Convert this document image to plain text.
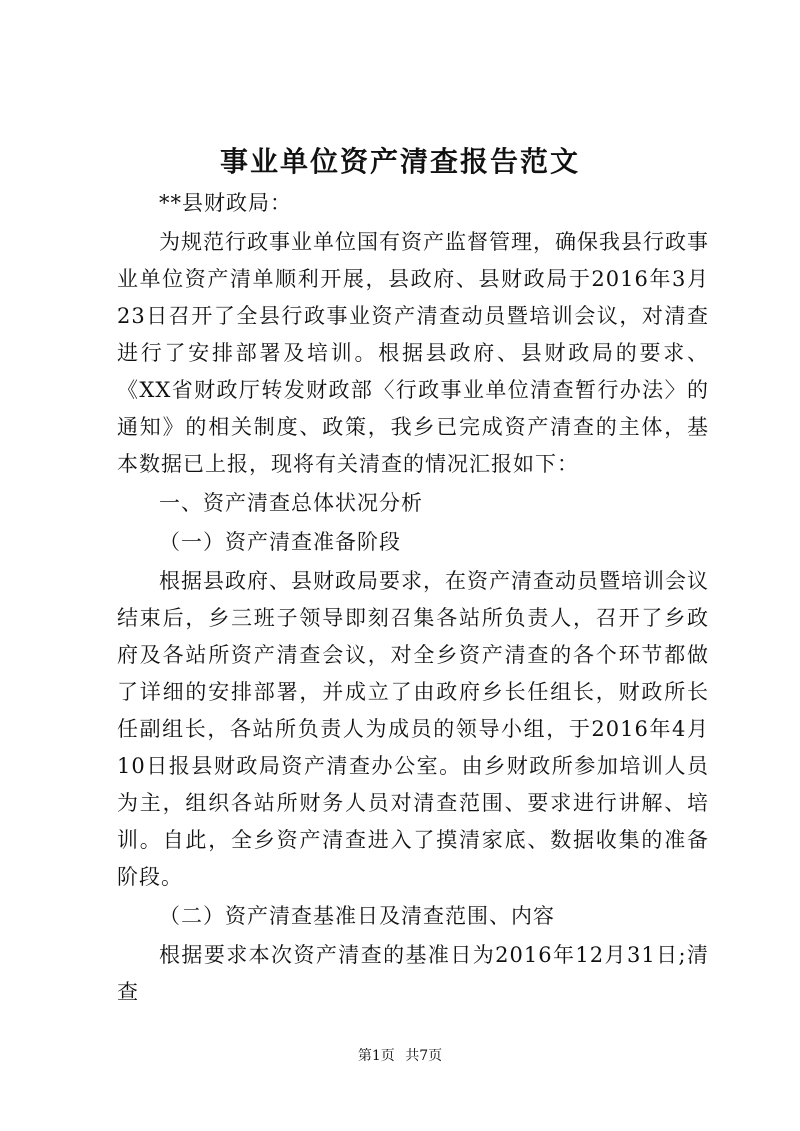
事业单位资产清查报告范文

**县财政局：

为规范行政事业单位国有资产监督管理，确保我县行政事业单位资产清单顺利开展，县政府、县财政局于2016年3月23日召开了全县行政事业资产清查动员暨培训会议，对清查进行了安排部署及培训。根据县政府、县财政局的要求、《XX省财政厅转发财政部〈行政事业单位清查暂行办法〉的通知》的相关制度、政策，我乡已完成资产清查的主体，基本数据已上报，现将有关清查的情况汇报如下：

一、资产清查总体状况分析

（一）资产清查准备阶段

根据县政府、县财政局要求，在资产清查动员暨培训会议结束后，乡三班子领导即刻召集各站所负责人，召开了乡政府及各站所资产清查会议，对全乡资产清查的各个环节都做了详细的安排部署，并成立了由政府乡长任组长，财政所长任副组长，各站所负责人为成员的领导小组，于2016年4月10日报县财政局资产清查办公室。由乡财政所参加培训人员为主，组织各站所财务人员对清查范围、要求进行讲解、培训。自此，全乡资产清查进入了摸清家底、数据收集的准备阶段。

（二）资产清查基准日及清查范围、内容

根据要求本次资产清查的基准日为2016年12月31日;清查

第1页 共7页
